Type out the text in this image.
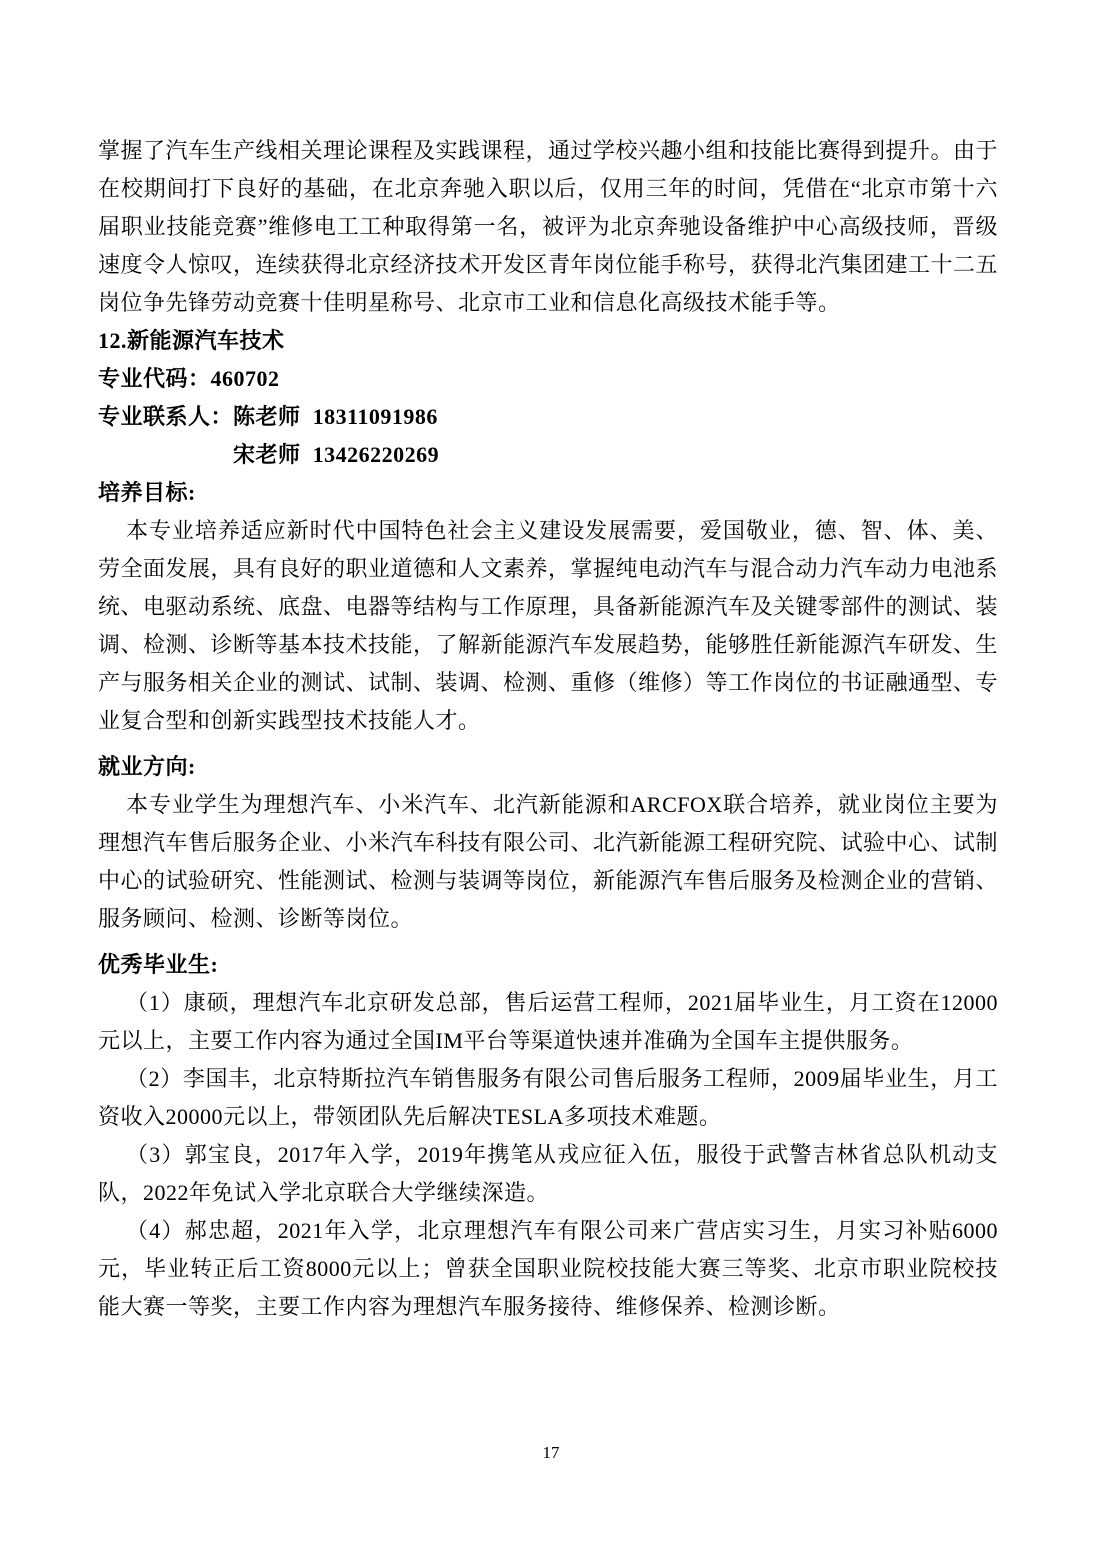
掌握了汽车生产线相关理论课程及实践课程，通过学校兴趣小组和技能比赛得到提升。由于在校期间打下良好的基础，在北京奔驰入职以后，仅用三年的时间，凭借在“北京市第十六届职业技能竞赛”维修电工工种取得第一名，被评为北京奔驰设备维护中心高级技师，晋级速度令人惊叹，连续获得北京经济技术开发区青年岗位能手称号，获得北汽集团建工十二五岗位争先锋劳动竞赛十佳明星称号、北京市工业和信息化高级技术能手等。

12.新能源汽车技术

专业代码：460702

专业联系人： 陈老师 18311091986
宋老师 13426220269
培养目标:

本专业培养适应新时代中国特色社会主义建设发展需要，爱国敬业，德、智、体、美、劳全面发展，具有良好的职业道德和人文素养，掌握纯电动汽车与混合动力汽车动力电池系统、电驱动系统、底盘、电器等结构与工作原理，具备新能源汽车及关键零部件的测试、装调、检测、诊断等基本技术技能，了解新能源汽车发展趋势，能够胜任新能源汽车研发、生产与服务相关企业的测试、试制、装调、检测、重修（维修）等工作岗位的书证融通型、专业复合型和创新实践型技术技能人才。

就业方向:

本专业学生为理想汽车、小米汽车、北汽新能源和ARCFOX联合培养，就业岗位主要为理想汽车售后服务企业、小米汽车科技有限公司、北汽新能源工程研究院、试验中心、试制中心的试验研究、性能测试、检测与装调等岗位，新能源汽车售后服务及检测企业的营销、服务顾问、检测、诊断等岗位。

优秀毕业生:

（1）康硕，理想汽车北京研发总部，售后运营工程师，2021届毕业生，月工资在12000元以上，主要工作内容为通过全国IM平台等渠道快速并准确为全国车主提供服务。

（2）李国丰，北京特斯拉汽车销售服务有限公司售后服务工程师，2009届毕业生，月工资收入20000元以上，带领团队先后解决TESLA多项技术难题。

（3）郭宝良，2017年入学，2019年携笔从戎应征入伍，服役于武警吉林省总队机动支队，2022年免试入学北京联合大学继续深造。

（4）郝忠超，2021年入学，北京理想汽车有限公司来广营店实习生，月实习补贴6000元，毕业转正后工资8000元以上；曾获全国职业院校技能大赛三等奖、北京市职业院校技能大赛一等奖，主要工作内容为理想汽车服务接待、维修保养、检测诊断。

17
